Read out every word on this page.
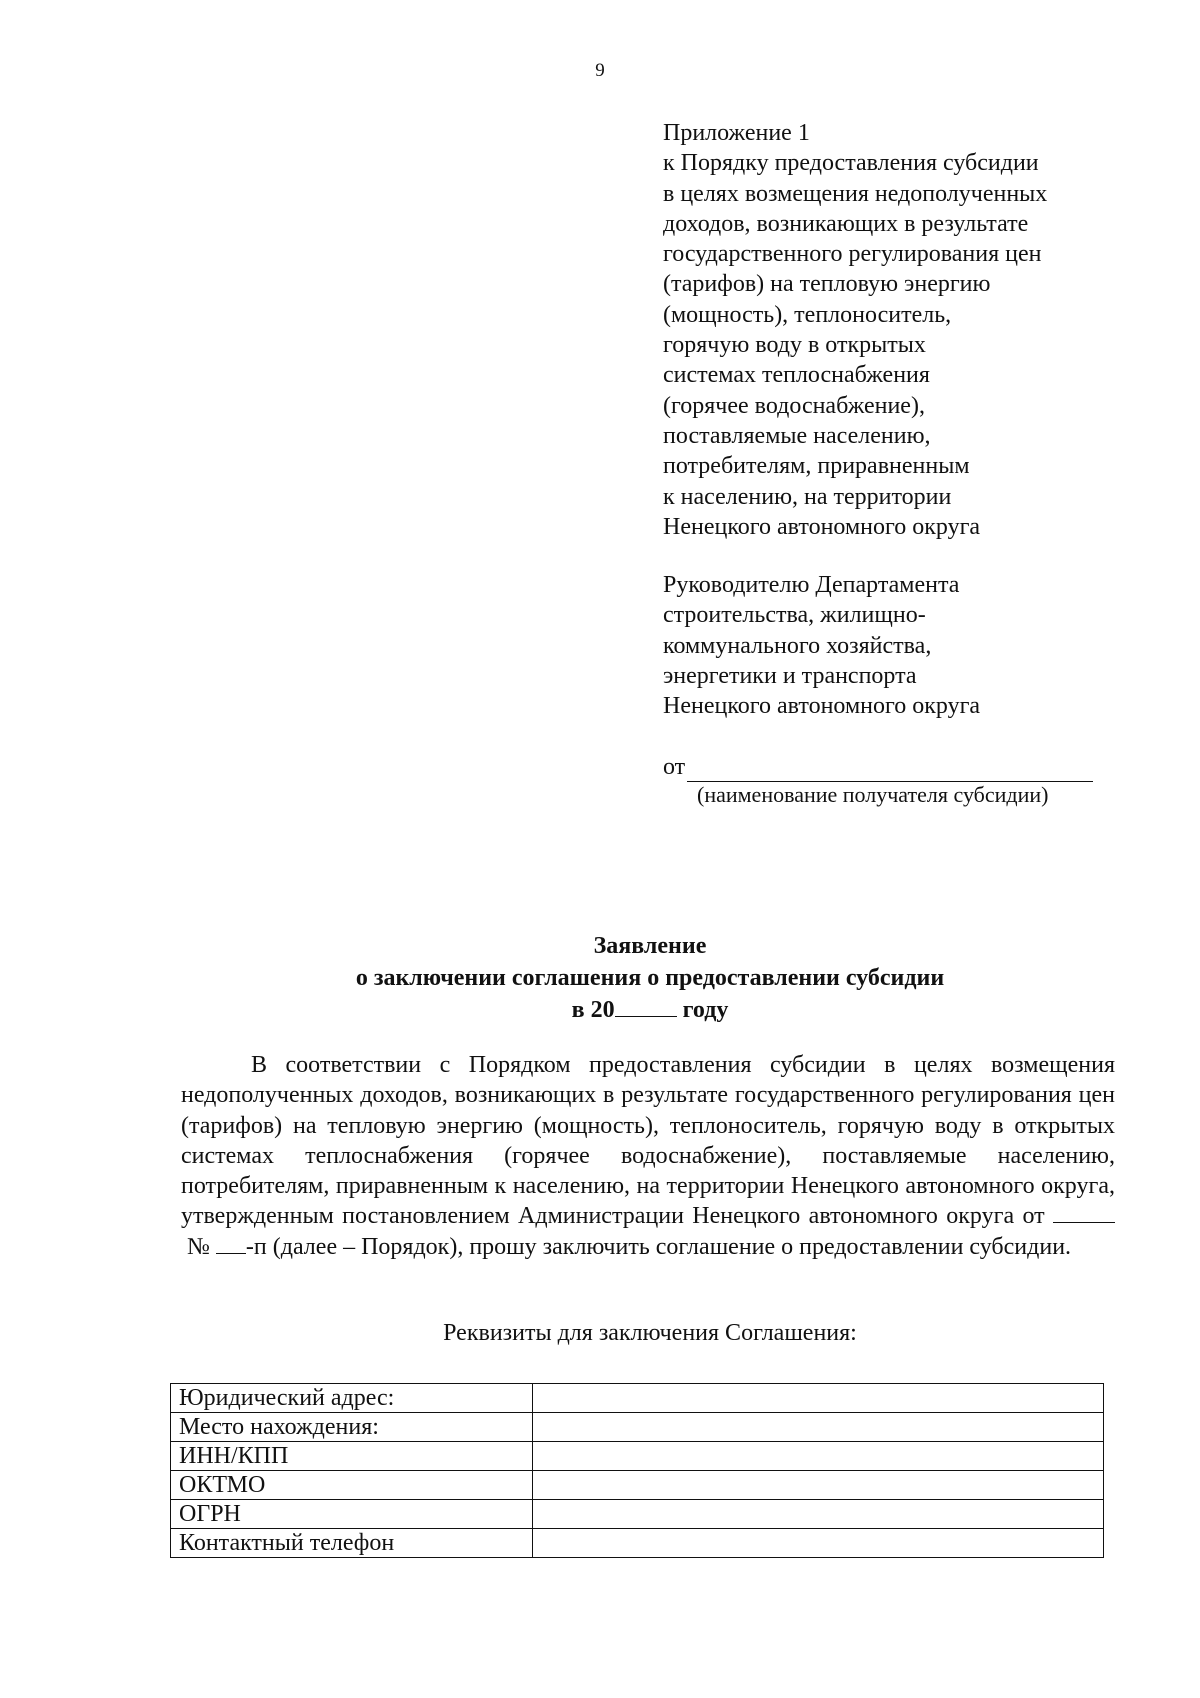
9
Приложение 1
к Порядку предоставления субсидии
в целях возмещения недополученных
доходов, возникающих в результате
государственного регулирования цен
(тарифов) на тепловую энергию
(мощность), теплоноситель,
горячую воду в открытых
системах теплоснабжения
(горячее водоснабжение),
поставляемые населению,
потребителям, приравненным
к населению, на территории
Ненецкого автономного округа
Руководителю Департамента
строительства, жилищно-
коммунального хозяйства,
энергетики и транспорта
Ненецкого автономного округа
от
(наименование получателя субсидии)
Заявление
о заключении соглашения о предоставлении субсидии
в 20	году
В соответствии с Порядком предоставления субсидии в целях возмещения недополученных доходов, возникающих в результате государственного регулирования цен (тарифов) на тепловую энергию (мощность), теплоноситель, горячую воду в открытых системах теплоснабжения (горячее водоснабжение), поставляемые населению, потребителям, приравненным к населению, на территории Ненецкого автономного округа, утвержденным постановлением Администрации Ненецкого автономного округа от  № -п (далее – Порядок), прошу заключить соглашение о предоставлении субсидии.
Реквизиты для заключения Соглашения:
Юридический адрес:	
Место нахождения:	
ИНН/КПП	
ОКТМО	
ОГРН	
Контактный телефон	
